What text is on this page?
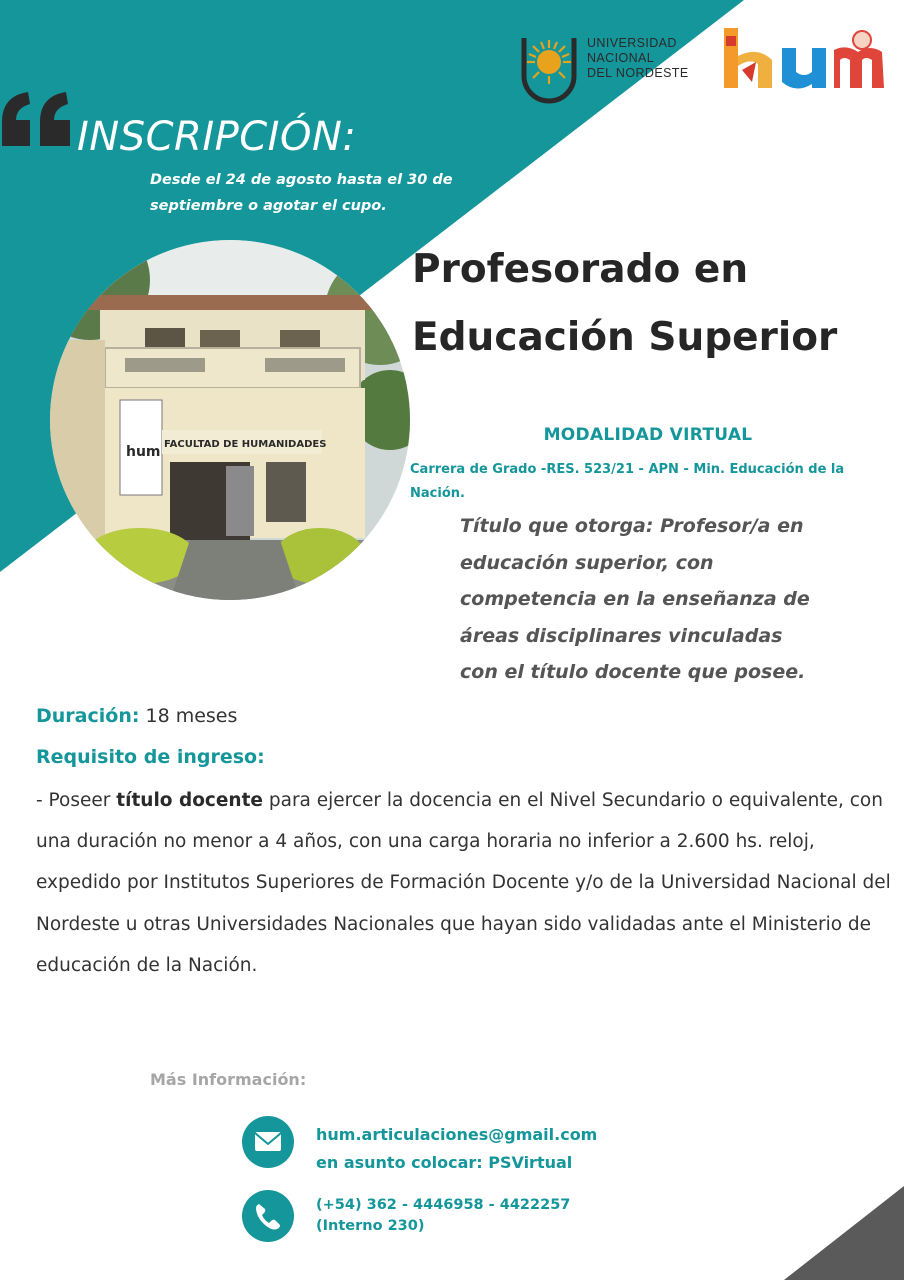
UNIVERSIDAD
NACIONAL
DEL NORDESTE
INSCRIPCIÓN:
Desde el 24 de agosto hasta el 30 de
septiembre o agotar el cupo.
hum FACULTAD DE HUMANIDADES
Profesorado en
Educación Superior
MODALIDAD VIRTUAL
Carrera de Grado -RES. 523/21 - APN - Min. Educación de la
Nación.
Título que otorga: Profesor/a en
educación superior, con
competencia en la enseñanza de
áreas disciplinares vinculadas
con el título docente que posee.
Duración: 18 meses
Requisito de ingreso:
- Poseer título docente para ejercer la docencia en el Nivel Secundario o equivalente, con una duración no menor a 4 años, con una carga horaria no inferior a 2.600 hs. reloj, expedido por Institutos Superiores de Formación Docente y/o de la Universidad Nacional del Nordeste u otras Universidades Nacionales que hayan sido validadas ante el Ministerio de educación de la Nación.
Más Información:
hum.articulaciones@gmail.com
en asunto colocar: PSVirtual
(+54) 362 - 4446958 - 4422257
(Interno 230)
